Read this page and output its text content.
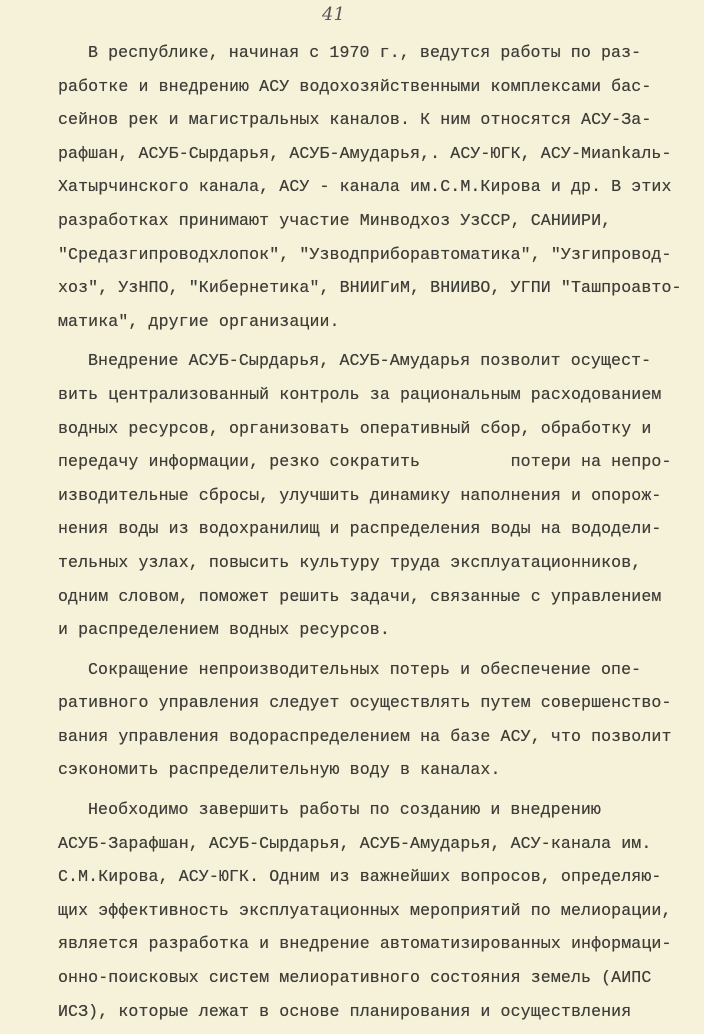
41
В республике, начиная с 1970 г., ведутся работы по раз-
работке и внедрению АСУ водохозяйственными комплексами бас-
сейнов рек и магистральных каналов. К ним относятся АСУ-За-
рафшан, АСУБ-Сырдарья, АСУБ-Амударья,. АСУ-ЮГК, АСУ-Миankаль-
Хатырчинского канала, АСУ - канала им.С.М.Кирова и др. В этих
разработках принимают участие Минводхоз УзССР, САНИИРИ,
"Средазгипроводхлопок", "Узводприборавтоматика", "Узгипровод-
хоз", УзНПО, "Кибернетика", ВНИИГиМ, ВНИИВО, УГПИ "Ташпроавто-
матика", другие организации.
Внедрение АСУБ-Сырдарья, АСУБ-Амударья позволит осущест-
вить централизованный контроль за рациональным расходованием
водных ресурсов, организовать оперативный сбор, обработку и
передачу информации, резко сократить         потери на непро-
изводительные сбросы, улучшить динамику наполнения и опорож-
нения воды из водохранилищ и распределения воды на вододели-
тельных узлах, повысить культуру труда эксплуатационников,
одним словом, поможет решить задачи, связанные с управлением
и распределением водных ресурсов.
Сокращение непроизводительных потерь и обеспечение опе-
ративного управления следует осуществлять путем совершенство-
вания управления водораспределением на базе АСУ, что позволит
сэкономить распределительную воду в каналах.
Необходимо завершить работы по созданию и внедрению
АСУБ-Зарафшан, АСУБ-Сырдарья, АСУБ-Амударья, АСУ-канала им.
С.М.Кирова, АСУ-ЮГК. Одним из важнейших вопросов, определяю-
щих эффективность эксплуатационных мероприятий по мелиорации,
является разработка и внедрение автоматизированных информаци-
онно-поисковых систем мелиоративного состояния земель (АИПС
ИСЗ), которые лежат в основе планирования и осуществления
